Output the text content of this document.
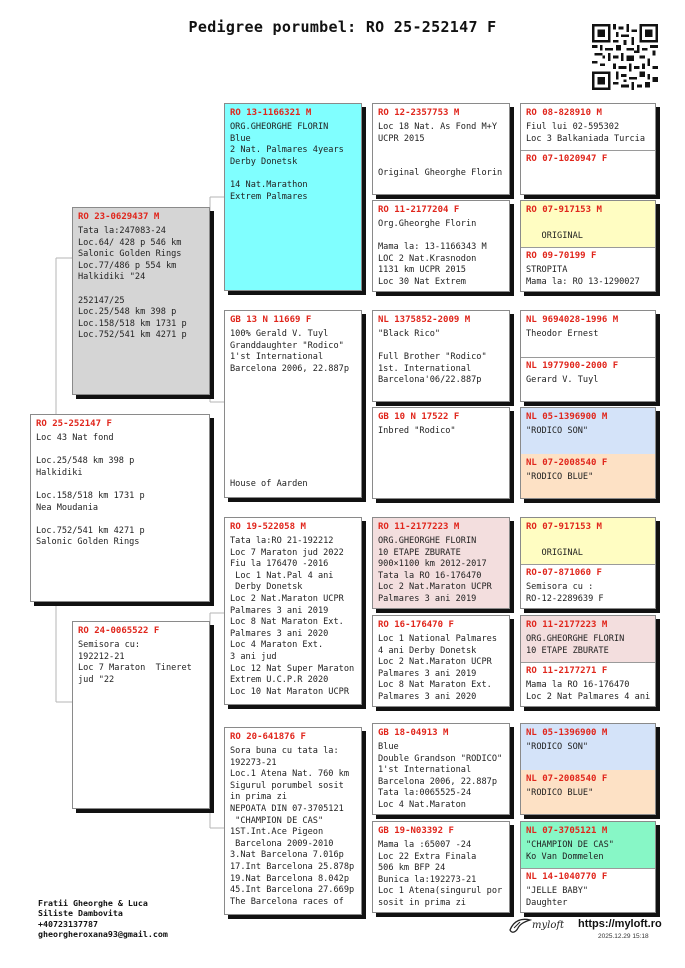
Pedigree porumbel: RO 25-252147 F
RO 25-252147 F
Loc 43 Nat fond

Loc.25/548 km 398 p
Halkidiki

Loc.158/518 km 1731 p
Nea Moudania

Loc.752/541 km 4271 p
Salonic Golden Rings
RO 23-0629437 M
Tata la:247083-24
Loc.64/ 428 p 546 km
Salonic Golden Rings
Loc.77/486 p 554 km
Halkidiki "24

252147/25
Loc.25/548 km 398 p
Loc.158/518 km 1731 p
Loc.752/541 km 4271 p
RO 24-0065522 F
Semisora cu:
192212-21
Loc 7 Maraton  Tineret
jud "22
RO 13-1166321 M
ORG.GHEORGHE FLORIN
Blue
2 Nat. Palmares 4years
Derby Donetsk

14 Nat.Marathon
Extrem Palmares
GB 13 N 11669 F
100% Gerald V. Tuyl
Granddaughter "Rodico"
1'st International
Barcelona 2006, 22.887p
House of Aarden
RO 19-522058 M
Tata la:RO 21-192212
Loc 7 Maraton jud 2022
Fiu la 176470 -2016
Loc 1 Nat.Pal 4 ani
Derby Donetsk
Loc 2 Nat.Maraton UCPR
Palmares 3 ani 2019
Loc 8 Nat Maraton Ext.
Palmares 3 ani 2020
Loc 4 Maraton Ext.
3 ani jud
Loc 12 Nat Super Maraton
Extrem U.C.P.R 2020
Loc 10 Nat Maraton UCPR
RO 20-641876 F
Sora buna cu tata la:
192273-21
Loc.1 Atena Nat. 760 km
Sigurul porumbel sosit
in prima zi
NEPOATA DIN 07-3705121
"CHAMPION DE CAS"
1ST.Int.Ace Pigeon
Barcelona 2009-2010
3.Nat Barcelona 7.016p
17.Int Barcelona 25.878p
19.Nat Barcelona 8.042p
45.Int Barcelona 27.669p
The Barcelona races of
RO 12-2357753 M
Loc 18 Nat. As Fond M+Y
UCPR 2015

Original Gheorghe Florin
RO 11-2177204 F
Org.Gheorghe Florin

Mama la: 13-1166343 M
LOC 2 Nat.Krasnodon
1131 km UCPR 2015
Loc 30 Nat Extrem
NL 1375852-2009 M
"Black Rico"

Full Brother "Rodico"
1st. International
Barcelona'06/22.887p
GB 10 N 17522 F
Inbred "Rodico"
RO 11-2177223 M
ORG.GHEORGHE FLORIN
10 ETAPE ZBURATE
900×1100 km 2012-2017
Tata la RO 16-176470
Loc 2 Nat.Maraton UCPR
Palmares 3 ani 2019
RO 16-176470 F
Loc 1 National Palmares
4 ani Derby Donetsk
Loc 2 Nat.Maraton UCPR
Palmares 3 ani 2019
Loc 8 Nat Maraton Ext.
Palmares 3 ani 2020
GB 18-04913 M
Blue
Double Grandson "RODICO"
1'st International
Barcelona 2006, 22.887p
Tata la:0065525-24
Loc 4 Nat.Maraton
GB 19-N03392 F
Mama la :65007 -24
Loc 22 Extra Finala
506 km BFP 24
Bunica la:192273-21
Loc 1 Atena(singurul por
sosit in prima zi
RO 08-828910 M
Fiul lui 02-595302
Loc 3 Balkaniada Turcia
RO 07-1020947 F
RO 07-917153 M

ORIGINAL
RO 09-70199 F
STROPITA
Mama la: RO 13-1290027
NL 9694028-1996 M
Theodor Ernest
NL 1977900-2000 F
Gerard V. Tuyl
NL 05-1396900 M
"RODICO SON"
NL 07-2008540 F
"RODICO BLUE"
RO 07-917153 M

ORIGINAL
RO-07-871060 F
Semisora cu :
RO-12-2289639 F
RO 11-2177223 M
ORG.GHEORGHE FLORIN
10 ETAPE ZBURATE
RO 11-2177271 F
Mama la RO 16-176470
Loc 2 Nat Palmares 4 ani
NL 05-1396900 M
"RODICO SON"
NL 07-2008540 F
"RODICO BLUE"
NL 07-3705121 M
"CHAMPION DE CAS"
Ko Van Dommelen
NL 14-1040770 F
"JELLE BABY"
Daughter
Fratii Gheorghe & Luca
Siliste Dambovita
+40723137787
gheorgheroxana93@gmail.com
myloft https://myloft.ro
2025.12.29 15:18
